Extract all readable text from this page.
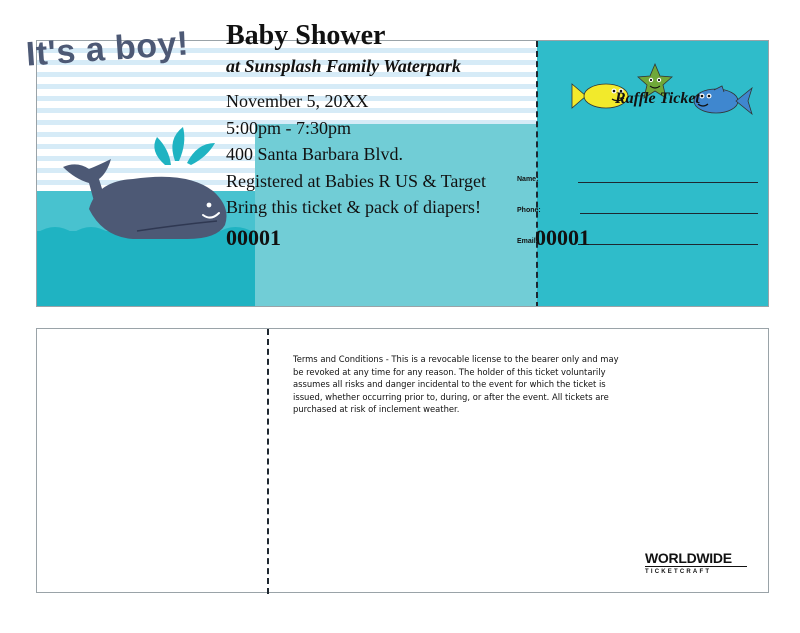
It's a boy! Baby Shower
at Sunsplash Family Waterpark
November 5, 20XX
5:00pm - 7:30pm
400 Santa Barbara Blvd.
Registered at Babies R US & Target
Bring this ticket & pack of diapers!
00001
Raffle Ticket
Name:
Phone:
Email:
00001
Terms and Conditions - This is a revocable license to the bearer only and may be revoked at any time for any reason. The holder of this ticket voluntarily assumes all risks and danger incidental to the event for which the ticket is issued, whether occurring prior to, during, or after the event. All tickets are purchased at risk of inclement weather.
WORLDWIDE
TICKETCRAFT
